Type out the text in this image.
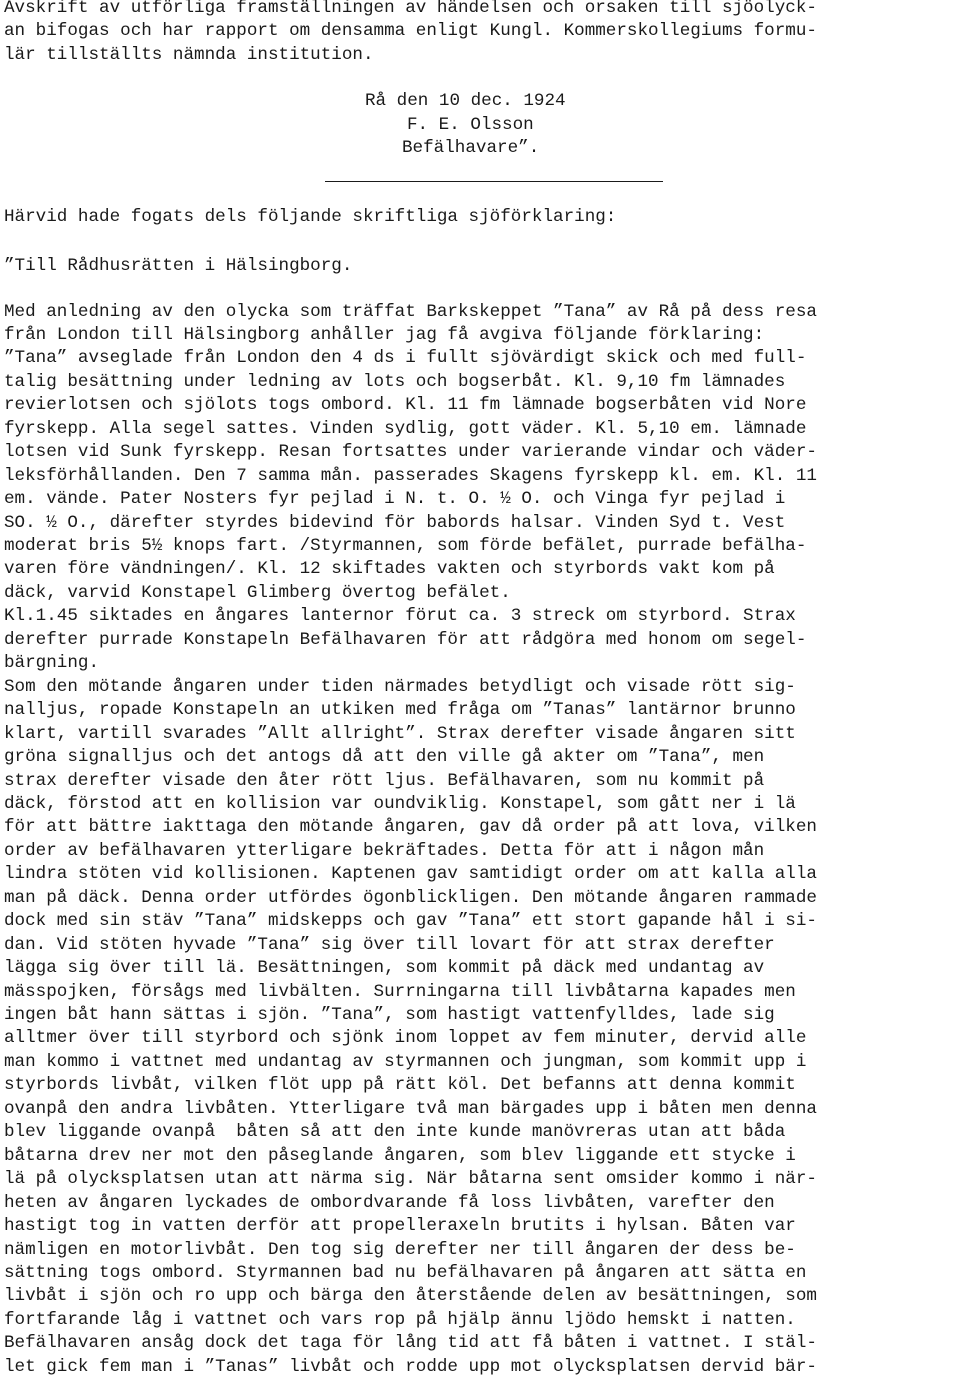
Avskrift av utförliga framställningen av händelsen och orsaken till sjöolyck-
an bifogas och har rapport om densamma enligt Kungl. Kommerskollegiums formu-
lär tillställts nämnda institution.
Rå den 10 dec. 1924
F. E. Olsson
Befälhavare”.
Härvid hade fogats dels följande skriftliga sjöförklaring:
”Till Rådhusrätten i Hälsingborg.
Med anledning av den olycka som träffat Barkskeppet ”Tana” av Rå på dess resa
från London till Hälsingborg anhåller jag få avgiva följande förklaring:
”Tana” avseglade från London den 4 ds i fullt sjövärdigt skick och med full-
talig besättning under ledning av lots och bogserbåt. Kl. 9,10 fm lämnades
revierlotsen och sjölots togs ombord. Kl. 11 fm lämnade bogserbåten vid Nore
fyrskepp. Alla segel sattes. Vinden sydlig, gott väder. Kl. 5,10 em. lämnade
lotsen vid Sunk fyrskepp. Resan fortsattes under varierande vindar och väder-
leksförhållanden. Den 7 samma mån. passerades Skagens fyrskepp kl. em. Kl. 11
em. vände. Pater Nosters fyr pejlad i N. t. O. ½ O. och Vinga fyr pejlad i
SO. ½ O., därefter styrdes bidevind för babords halsar. Vinden Syd t. Vest
moderat bris 5½ knops fart. /Styrmannen, som förde befälet, purrade befälha-
varen före vändningen/. Kl. 12 skiftades vakten och styrbords vakt kom på
däck, varvid Konstapel Glimberg övertog befälet.
Kl.1.45 siktades en ångares lanternor förut ca. 3 streck om styrbord. Strax
derefter purrade Konstapeln Befälhavaren för att rådgöra med honom om segel-
bärgning.
Som den mötande ångaren under tiden närmades betydligt och visade rött sig-
nalljus, ropade Konstapeln an utkiken med fråga om ”Tanas” lantärnor brunno
klart, vartill svarades ”Allt allright”. Strax derefter visade ångaren sitt
gröna signalljus och det antogs då att den ville gå akter om ”Tana”, men
strax derefter visade den åter rött ljus. Befälhavaren, som nu kommit på
däck, förstod att en kollision var oundviklig. Konstapel, som gått ner i lä
för att bättre iakttaga den mötande ångaren, gav då order på att lova, vilken
order av befälhavaren ytterligare bekräftades. Detta för att i någon mån
lindra stöten vid kollisionen. Kaptenen gav samtidigt order om att kalla alla
man på däck. Denna order utfördes ögonblickligen. Den mötande ångaren rammade
dock med sin stäv ”Tana” midskepps och gav ”Tana” ett stort gapande hål i si-
dan. Vid stöten hyvade ”Tana” sig över till lovart för att strax derefter
lägga sig över till lä. Besättningen, som kommit på däck med undantag av
mässpojken, försågs med livbälten. Surrningarna till livbåtarna kapades men
ingen båt hann sättas i sjön. ”Tana”, som hastigt vattenfylldes, lade sig
alltmer över till styrbord och sjönk inom loppet av fem minuter, dervid alle
man kommo i vattnet med undantag av styrmannen och jungman, som kommit upp i
styrbords livbåt, vilken flöt upp på rätt köl. Det befanns att denna kommit
ovanpå den andra livbåten. Ytterligare två man bärgades upp i båten men denna
blev liggande ovanpå  båten så att den inte kunde manövreras utan att båda
båtarna drev ner mot den påseglande ångaren, som blev liggande ett stycke i
lä på olycksplatsen utan att närma sig. När båtarna sent omsider kommo i när-
heten av ångaren lyckades de ombordvarande få loss livbåten, varefter den
hastigt tog in vatten derför att propelleraxeln brutits i hylsan. Båten var
nämligen en motorlivbåt. Den tog sig derefter ner till ångaren der dess be-
sättning togs ombord. Styrmannen bad nu befälhavaren på ångaren att sätta en
livbåt i sjön och ro upp och bärga den återstående delen av besättningen, som
fortfarande låg i vattnet och vars rop på hjälp ännu ljödo hemskt i natten.
Befälhavaren ansåg dock det taga för lång tid att få båten i vattnet. I stäl-
let gick fem man i ”Tanas” livbåt och rodde upp mot olycksplatsen dervid bär-
